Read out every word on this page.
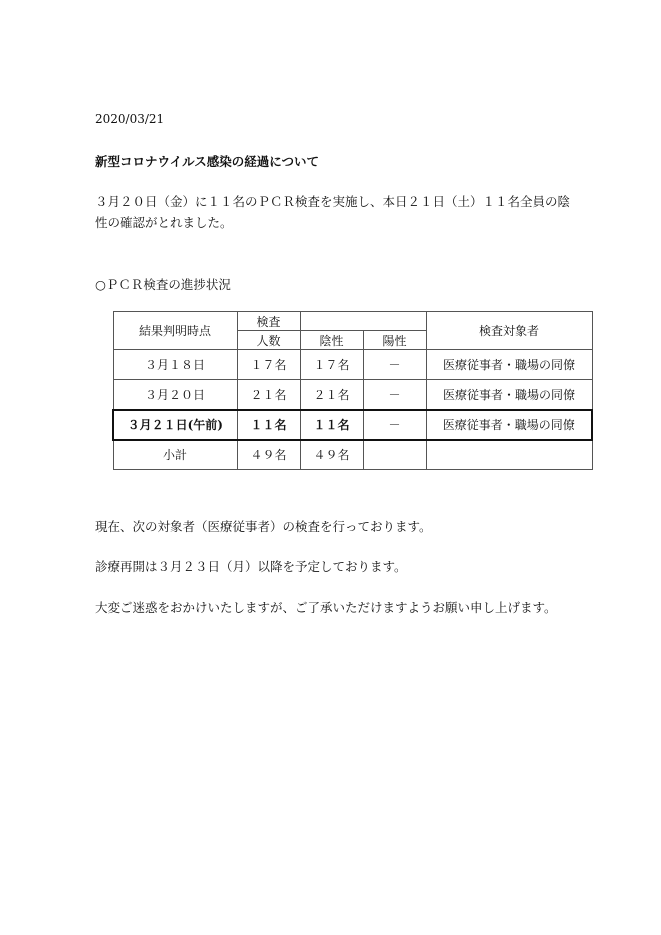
2020/03/21
新型コロナウイルス感染の経過について
３月２０日（金）に１１名のＰＣＲ検査を実施し、本日２１日（土）１１名全員の陰性の確認がとれました。
○ＰＣＲ検査の進捗状況
結果判明時点	検査			検査対象者
	人数	陰性	陽性	
３月１８日	１７名	１７名	－	医療従事者・職場の同僚
３月２０日	２１名	２１名	－	医療従事者・職場の同僚
３月２１日(午前)	１１名	１１名	－	医療従事者・職場の同僚
小計	４９名	４９名		
現在、次の対象者（医療従事者）の検査を行っております。
診療再開は３月２３日（月）以降を予定しております。
大変ご迷惑をおかけいたしますが、ご了承いただけますようお願い申し上げます。
